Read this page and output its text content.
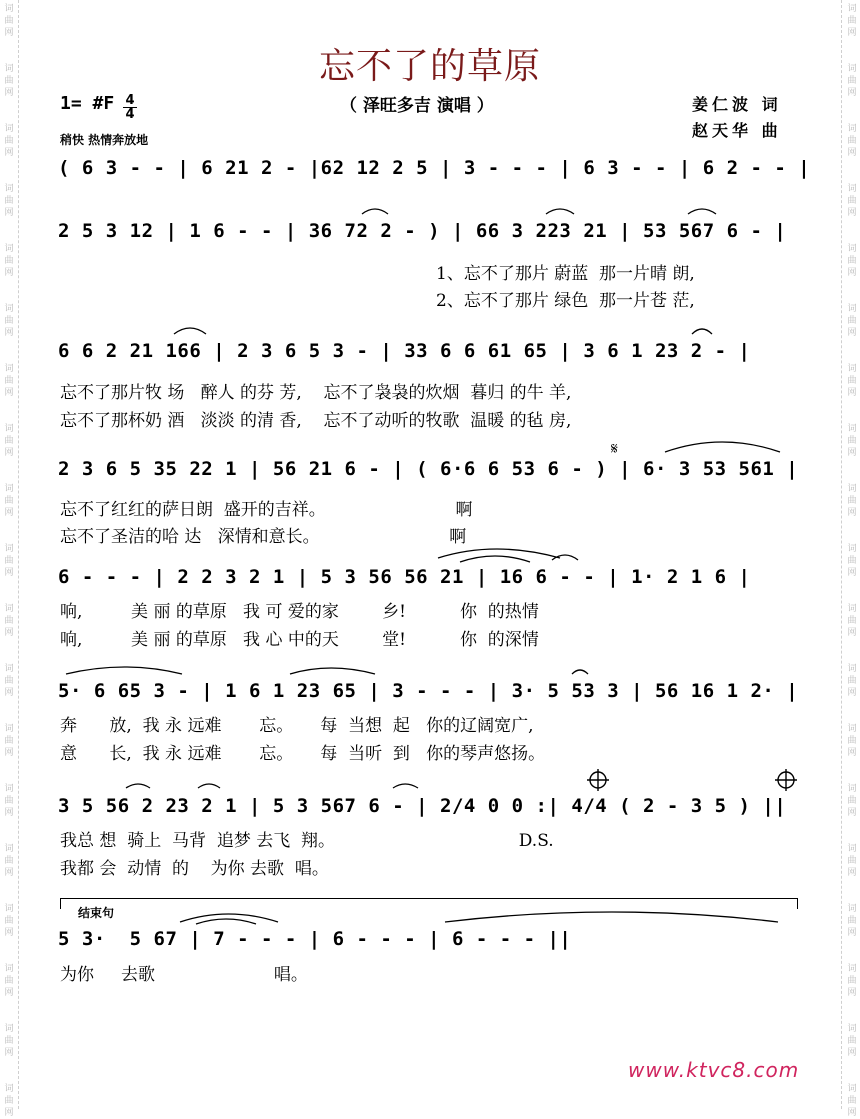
词
曲
网
词
曲
网
词
曲
网
词
曲
网
词
曲
网
词
曲
网
词
曲
网
词
曲
网
词
曲
网
词
曲
网
词
曲
网
词
曲
网
词
曲
网
词
曲
网
词
曲
网
词
曲
网
词
曲
网
词
曲
网
词
曲
网
词
曲
网
词
曲
网
词
曲
网
词
曲
网
词
曲
网
词
曲
网
词
曲
网
词
曲
网
词
曲
网
词
曲
网
词
曲
网
词
曲
网
词
曲
网
词
曲
网
词
曲
网
词
曲
网
词
曲
网
词
曲
网
词
曲
网
忘不了的草原
（ 泽旺多吉 演唱 ）
1= #F 4
4
稍快 热情奔放地
姜仁波 词
赵天华 曲
( 6 3 - - | 6 21 2 - |62 12 2 5 | 3 - - - | 6 3 - - | 6 2 - - |
2 5 3 12 | 1 6 - - | 36 72 2 - ) | 66 3 223 21 | 53 567 6 - |
1、忘不了那片 蔚蓝  那一片晴 朗,
2、忘不了那片 绿色  那一片苍 茫,
6 6 2 21 166 | 2 3 6 5 3 - | 33 6 6 61 65 | 3 6 1 23 2 - |
忘不了那片牧 场   醉人 的芬 芳,    忘不了袅袅的炊烟  暮归 的牛 羊,
忘不了那杯奶 酒   淡淡 的清 香,    忘不了动听的牧歌  温暖 的毡 房,
2 3 6 5 35 22 1 | 56 21 6 - | ( 6·6 6 53 6 - ) | 6· 3 53 561 |
忘不了红红的萨日朗  盛开的吉祥。                        啊
忘不了圣洁的哈 达   深情和意长。                        啊
6 - - - | 2 2 3 2 1 | 5 3 56 56 21 | 16 6 - - | 1· 2 1 6 |
响,         美 丽 的草原   我 可 爱的家        乡!          你  的热情
响,         美 丽 的草原   我 心 中的天        堂!          你  的深情
5· 6 65 3 - | 1 6 1 23 65 | 3 - - - | 3· 5 53 3 | 56 16 1 2· |
奔      放,  我 永 远难       忘。     每  当想  起   你的辽阔宽广,
意      长,  我 永 远难       忘。     每  当听  到   你的琴声悠扬。
3 5 56 2 23 2 1 | 5 3 567 6 - | 2/4 0 0 :| 4/4 ( 2 - 3 5 ) ||
我总 想  骑上  马背  追梦 去飞  翔。                                  D.S.
我都 会  动情  的    为你 去歌  唱。
结束句
5 3·  5 67 | 7 - - - | 6 - - - | 6 - - - ||
为你     去歌                      唱。
𝄋
www.ktvc8.com
